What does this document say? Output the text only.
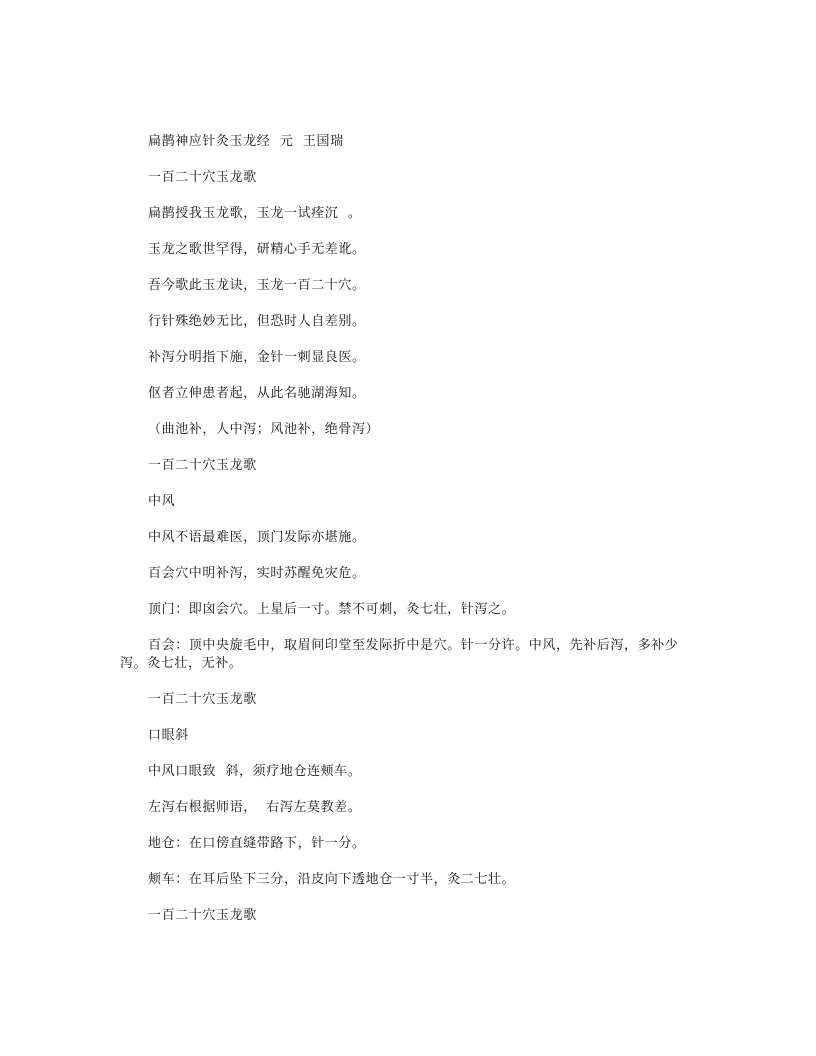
扁鹊神应针灸玉龙经  元  王国瑞

一百二十穴玉龙歌

扁鹊授我玉龙歌，玉龙一试痊沉  。

玉龙之歌世罕得，研精心手无差讹。

吾今歌此玉龙诀，玉龙一百二十穴。

行针殊绝妙无比，但恐时人自差别。

补泻分明指下施，金针一刺显良医。

伛者立伸患者起，从此名驰湖海知。

（曲池补，人中泻；风池补，绝骨泻）

一百二十穴玉龙歌

中风

中风不语最难医，顶门发际亦堪施。

百会穴中明补泻，实时苏醒免灾危。

顶门：即囟会穴。上星后一寸。禁不可刺，灸七壮，针泻之。

百会：顶中央旋毛中，取眉间印堂至发际折中是穴。针一分许。中风，先补后泻，多补少泻。灸七壮，无补。

一百二十穴玉龙歌

口眼斜

中风口眼致  斜，须疗地仓连颊车。

左泻右根据师语，  右泻左莫教差。

地仓：在口傍直缝带路下，针一分。

颊车：在耳后坠下三分，沿皮向下透地仓一寸半，灸二七壮。

一百二十穴玉龙歌
